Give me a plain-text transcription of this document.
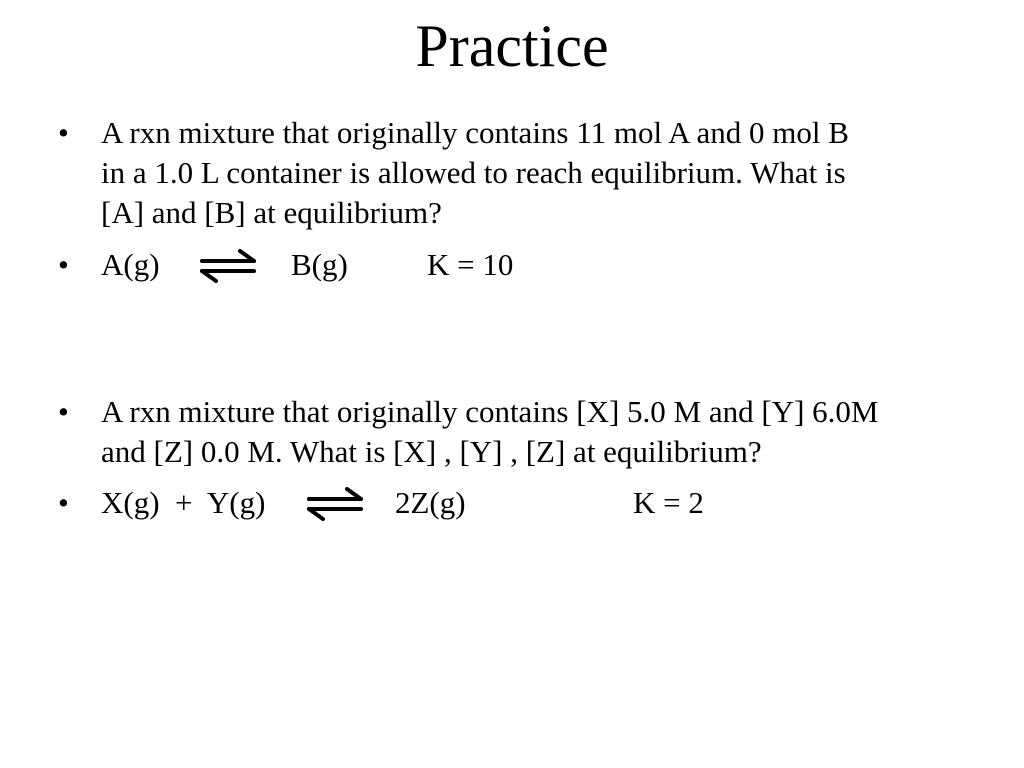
Practice
• A rxn mixture that originally contains 11 mol A and 0 mol B
in a 1.0 L container is allowed to reach equilibrium. What is
[A] and [B] at equilibrium?
• A(g) ⇌ B(g)	K = 10
• A rxn mixture that originally contains [X] 5.0 M and [Y] 6.0M
and [Z] 0.0 M. What is [X] , [Y] , [Z] at equilibrium?
• X(g)  +  Y(g) ⇌ 2Z(g)	K = 2
